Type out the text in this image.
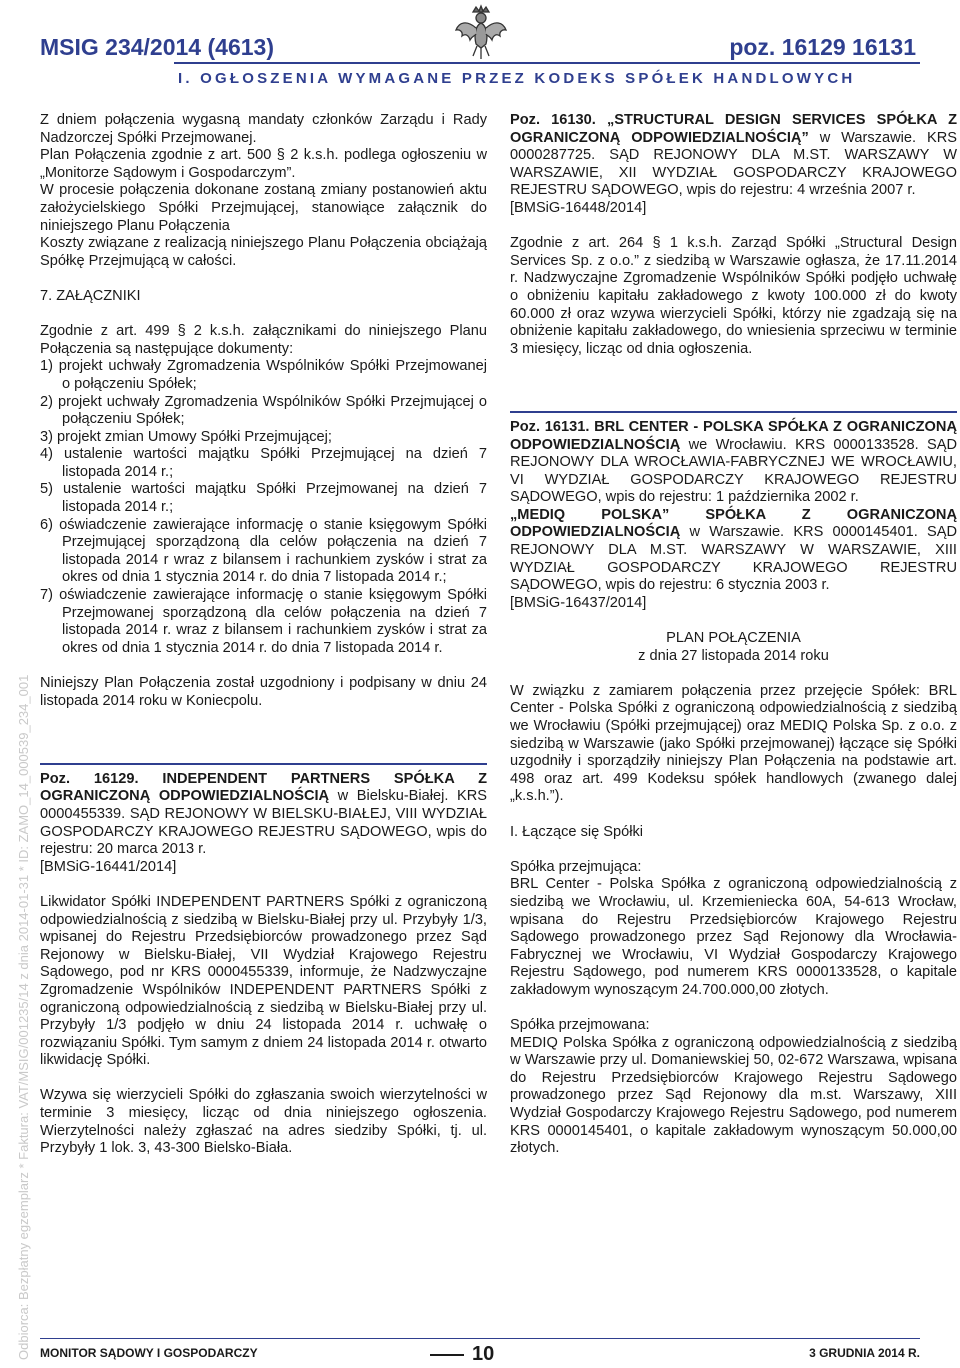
MSIG 234/2014 (4613)	poz. 16129 16131
I. OGŁOSZENIA WYMAGANE PRZEZ KODEKS SPÓŁEK HANDLOWYCH
Odbiorca: Bezpłatny egzemplarz * Faktura: VAT/MSIG/001235/14 z dnia 2014-01-31 * ID: ZAMO_14_000539_234_001

Z dniem połączenia wygasną mandaty członków Zarządu i Rady Nadzorczej Spółki Przejmowanej.

Plan Połączenia zgodnie z art. 500 § 2 k.s.h. podlega ogłoszeniu w „Monitorze Sądowym i Gospodarczym”.

W procesie połączenia dokonane zostaną zmiany postanowień aktu założycielskiego Spółki Przejmującej, stanowiące załącznik do niniejszego Planu Połączenia

Koszty związane z realizacją niniejszego Planu Połączenia obciążają Spółkę Przejmującą w całości.

7. ZAŁĄCZNIKI

Zgodnie z art. 499 § 2 k.s.h. załącznikami do niniejszego Planu Połączenia są następujące dokumenty:

1) projekt uchwały Zgromadzenia Wspólników Spółki Przejmowanej o połączeniu Spółek;
2) projekt uchwały Zgromadzenia Wspólników Spółki Przejmującej o połączeniu Spółek;
3) projekt zmian Umowy Spółki Przejmującej;
4) ustalenie wartości majątku Spółki Przejmującej na dzień 7 listopada 2014 r.;
5) ustalenie wartości majątku Spółki Przejmowanej na dzień 7 listopada 2014 r.;
6) oświadczenie zawierające informację o stanie księgowym Spółki Przejmującej sporządzoną dla celów połączenia na dzień 7 listopada 2014 r wraz z bilansem i rachunkiem zysków i strat za okres od dnia 1 stycznia 2014 r. do dnia 7 listopada 2014 r.;
7) oświadczenie zawierające informację o stanie księgowym Spółki Przejmowanej sporządzoną dla celów połączenia na dzień 7 listopada 2014 r. wraz z bilansem i rachunkiem zysków i strat za okres od dnia 1 stycznia 2014 r. do dnia 7 listopada 2014 r.

Niniejszy Plan Połączenia został uzgodniony i podpisany w dniu 24 listopada 2014 roku w Koniecpolu.

Poz. 16129. INDEPENDENT PARTNERS SPÓŁKA Z OGRANICZONĄ ODPOWIEDZIALNOŚCIĄ w Bielsku-Białej. KRS 0000455339. SĄD REJONOWY W BIELSKU-BIAŁEJ, VIII WYDZIAŁ GOSPODARCZY KRAJOWEGO REJESTRU SĄDOWEGO, wpis do rejestru: 20 marca 2013 r.

[BMSiG-16441/2014]

Likwidator Spółki INDEPENDENT PARTNERS Spółki z ograniczoną odpowiedzialnością z siedzibą w Bielsku-Białej przy ul. Przybyły 1/3, wpisanej do Rejestru Przedsiębiorców prowadzonego przez Sąd Rejonowy w Bielsku-Białej, VII Wydział Krajowego Rejestru Sądowego, pod nr KRS 0000455339, informuje, że Nadzwyczajne Zgromadzenie Wspólników INDEPENDENT PARTNERS Spółki z ograniczoną odpowiedzialnością z siedzibą w Bielsku-Białej przy ul. Przybyły 1/3 podjęło w dniu 24 listopada 2014 r. uchwałę o rozwiązaniu Spółki. Tym samym z dniem 24 listopada 2014 r. otwarto likwidację Spółki.

Wzywa się wierzycieli Spółki do zgłaszania swoich wierzytelności w terminie 3 miesięcy, licząc od dnia niniejszego ogłoszenia. Wierzytelności należy zgłaszać na adres siedziby Spółki, tj. ul. Przybyły 1 lok. 3, 43-300 Bielsko-Biała.

Poz. 16130. „STRUCTURAL DESIGN SERVICES SPÓŁKA Z OGRANICZONĄ ODPOWIEDZIALNOŚCIĄ” w Warszawie. KRS 0000287725. SĄD REJONOWY DLA M.ST. WARSZAWY W WARSZAWIE, XII WYDZIAŁ GOSPODARCZY KRAJOWEGO REJESTRU SĄDOWEGO, wpis do rejestru: 4 września 2007 r.

[BMSiG-16448/2014]

Zgodnie z art. 264 § 1 k.s.h. Zarząd Spółki „Structural Design Services Sp. z o.o.” z siedzibą w Warszawie ogłasza, że 17.11.2014 r. Nadzwyczajne Zgromadzenie Wspólników Spółki podjęło uchwałę o obniżeniu kapitału zakładowego z kwoty 100.000 zł do kwoty 60.000 zł oraz wzywa wierzycieli Spółki, którzy nie zgadzają się na obniżenie kapitału zakładowego, do wniesienia sprzeciwu w terminie 3 miesięcy, licząc od dnia ogłoszenia.

Poz. 16131. BRL CENTER - POLSKA SPÓŁKA Z OGRANICZONĄ ODPOWIEDZIALNOŚCIĄ we Wrocławiu. KRS 0000133528. SĄD REJONOWY DLA WROCŁAWIA-FABRYCZNEJ WE WROCŁAWIU, VI WYDZIAŁ GOSPODARCZY KRAJOWEGO REJESTRU SĄDOWEGO, wpis do rejestru: 1 października 2002 r.

„MEDIQ POLSKA” SPÓŁKA Z OGRANICZONĄ ODPOWIEDZIALNOŚCIĄ w Warszawie. KRS 0000145401. SĄD REJONOWY DLA M.ST. WARSZAWY W WARSZAWIE, XIII WYDZIAŁ GOSPODARCZY KRAJOWEGO REJESTRU SĄDOWEGO, wpis do rejestru: 6 stycznia 2003 r.

[BMSiG-16437/2014]

PLAN POŁĄCZENIA

z dnia 27 listopada 2014 roku

W związku z zamiarem połączenia przez przejęcie Spółek: BRL Center - Polska Spółki z ograniczoną odpowiedzialnością z siedzibą we Wrocławiu (Spółki przejmującej) oraz MEDIQ Polska Sp. z o.o. z siedzibą w Warszawie (jako Spółki przejmowanej) łączące się Spółki uzgodniły i sporządziły niniejszy Plan Połączenia na podstawie art. 498 oraz art. 499 Kodeksu spółek handlowych (zwanego dalej „k.s.h.”).

I. Łączące się Spółki

Spółka przejmująca:

BRL Center - Polska Spółka z ograniczoną odpowiedzialnością z siedzibą we Wrocławiu, ul. Krzemieniecka 60A, 54-613 Wrocław, wpisana do Rejestru Przedsiębiorców Krajowego Rejestru Sądowego prowadzonego przez Sąd Rejonowy dla Wrocławia-Fabrycznej we Wrocławiu, VI Wydział Gospodarczy Krajowego Rejestru Sądowego, pod numerem KRS 0000133528, o kapitale zakładowym wynoszącym 24.700.000,00 złotych.

Spółka przejmowana:

MEDIQ Polska Spółka z ograniczoną odpowiedzialnością z siedzibą w Warszawie przy ul. Domaniewskiej 50, 02-672 Warszawa, wpisana do Rejestru Przedsiębiorców Krajowego Rejestru Sądowego prowadzonego przez Sąd Rejonowy dla m.st. Warszawy, XIII Wydział Gospodarczy Krajowego Rejestru Sądowego, pod numerem KRS 0000145401, o kapitale zakładowym wynoszącym 50.000,00 złotych.

MONITOR SĄDOWY I GOSPODARCZY	10	3 GRUDNIA 2014 R.
